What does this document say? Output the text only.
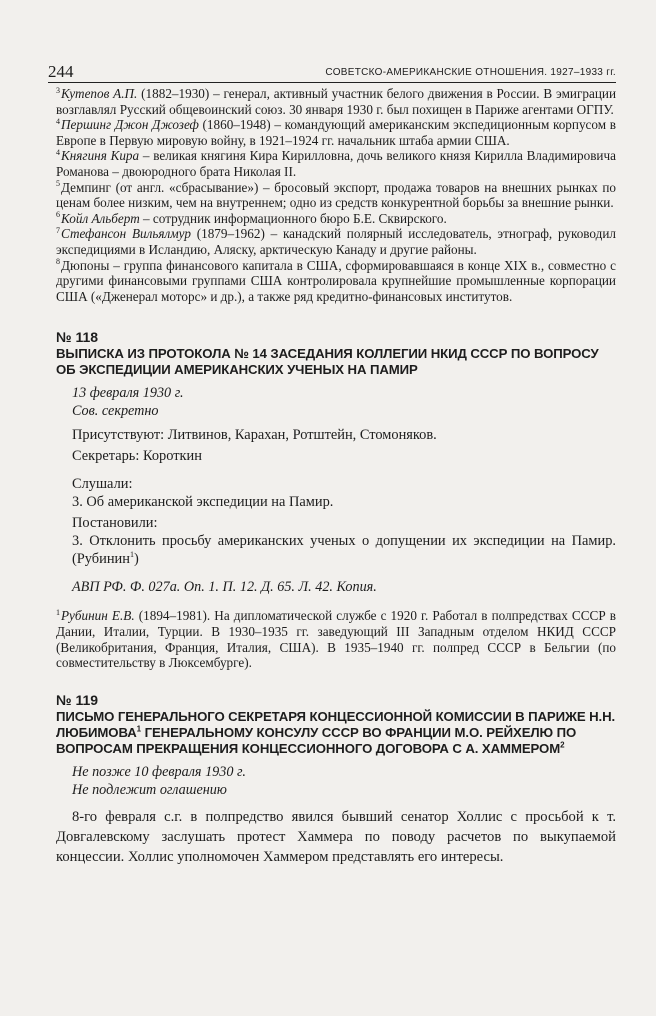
244	СОВЕТСКО-АМЕРИКАНСКИЕ ОТНОШЕНИЯ. 1927–1933 гг.

$^3$Кутепов А.П. (1882–1930) – генерал, активный участник белого движения в России. В эмиграции возглавлял Русский общевоинский союз. 30 января 1930 г. был похищен в Париже агентами ОГПУ.

$^4$Першинг Джон Джозеф (1860–1948) – командующий американским экспедиционным корпусом в Европе в Первую мировую войну, в 1921–1924 гг. начальник штаба армии США.

$^4$Княгиня Кира – великая княгиня Кира Кирилловна, дочь великого князя Кирилла Владимировича Романова – двоюродного брата Николая II.

$^5$Демпинг (от англ. «сбрасывание») – бросовый экспорт, продажа товаров на внешних рынках по ценам более низким, чем на внутреннем; одно из средств конкурентной борьбы за внешние рынки.

$^6$Койл Альберт – сотрудник информационного бюро Б.Е. Сквирского.

$^7$Стефансон Вильялмур (1879–1962) – канадский полярный исследователь, этнограф, руководил экспедициями в Исландию, Аляску, арктическую Канаду и другие районы.

$^8$Дюпоны – группа финансового капитала в США, сформировавшаяся в конце XIX в., совместно с другими финансовыми группами США контролировала крупнейшие промышленные корпорации США («Дженерал моторс» и др.), а также ряд кредитно-финансовых институтов.

№ 118

ВЫПИСКА ИЗ ПРОТОКОЛА № 14 ЗАСЕДАНИЯ КОЛЛЕГИИ НКИД СССР ПО ВОПРОСУ ОБ ЭКСПЕДИЦИИ АМЕРИКАНСКИХ УЧЕНЫХ НА ПАМИР

13 февраля 1930 г.

Сов. секретно

Присутствуют: Литвинов, Карахан, Ротштейн, Стомоняков.

Секретарь: Короткин

Слушали:

3. Об американской экспедиции на Памир.

Постановили:

3. Отклонить просьбу американских ученых о допущении их экспедиции на Памир. (Рубинин$^1$)

АВП РФ. Ф. 027а. Оп. 1. П. 12. Д. 65. Л. 42. Копия.

$^1$Рубинин Е.В. (1894–1981). На дипломатической службе с 1920 г. Работал в полпредствах СССР в Дании, Италии, Турции. В 1930–1935 гг. заведующий III Западным отделом НКИД СССР (Великобритания, Франция, Италия, США). В 1935–1940 гг. полпред СССР в Бельгии (по совместительству в Люксембурге).

№ 119

ПИСЬМО ГЕНЕРАЛЬНОГО СЕКРЕТАРЯ КОНЦЕССИОННОЙ КОМИССИИ В ПАРИЖЕ Н.Н. ЛЮБИМОВА$^1$ ГЕНЕРАЛЬНОМУ КОНСУЛУ СССР ВО ФРАНЦИИ М.О. РЕЙХЕЛЮ ПО ВОПРОСАМ ПРЕКРАЩЕНИЯ КОНЦЕССИОННОГО ДОГОВОРА С А. ХАММЕРОМ$^2$

Не позже 10 февраля 1930 г.

Не подлежит оглашению

8-го февраля с.г. в полпредство явился бывший сенатор Холлис с просьбой к т. Довгалевскому заслушать протест Хаммера по поводу расчетов по выкупаемой концессии. Холлис уполномочен Хаммером представлять его интересы.
